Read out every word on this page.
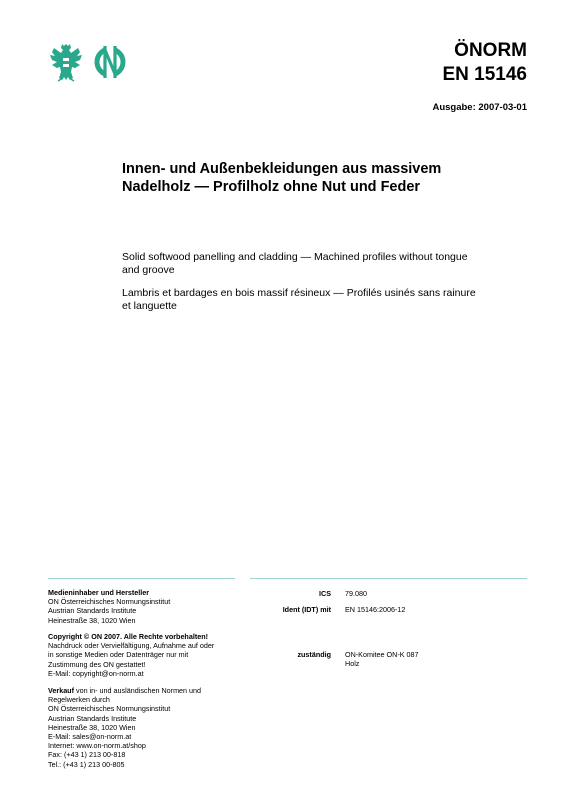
ÖNORM
EN 15146
Ausgabe: 2007-03-01
Innen- und Außenbekleidungen aus massivem Nadelholz — Profilholz ohne Nut und Feder
Solid softwood panelling and cladding — Machined profiles without tongue and groove
Lambris et bardages en bois massif résineux — Profilés usinés sans rainure et languette
Medieninhaber und Hersteller
ON Österreichisches Normungsinstitut
Austrian Standards Institute
Heinestraße 38, 1020 Wien
Copyright © ON 2007. Alle Rechte vorbehalten!
Nachdruck oder Vervielfältigung, Aufnahme auf oder
in sonstige Medien oder Datenträger nur mit
Zustimmung des ON gestattet!
E-Mail: copyright@on-norm.at
Verkauf von in- und ausländischen Normen und
Regelwerken durch
ON Österreichisches Normungsinstitut
Austrian Standards Institute
Heinestraße 38, 1020 Wien
E-Mail: sales@on-norm.at
Internet: www.on-norm.at/shop
Fax: (+43 1) 213 00-818
Tel.: (+43 1) 213 00-805
ICS 79.080
Ident (IDT) mit EN 15146:2006-12
zuständig ON-Komitee ON-K 087
Holz
